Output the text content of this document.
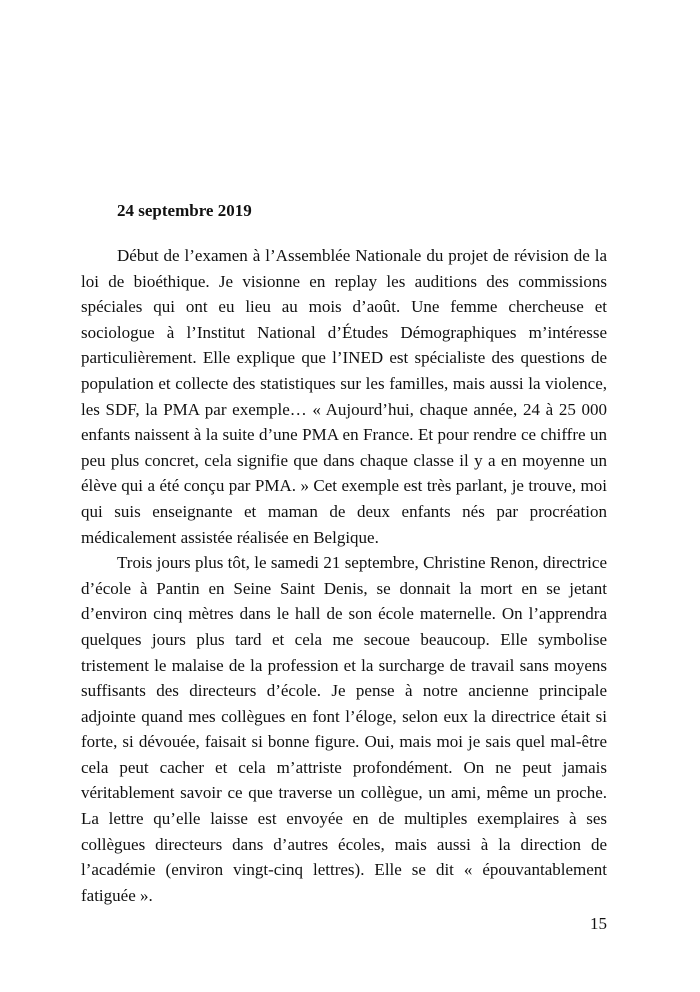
24 septembre 2019

Début de l’examen à l’Assemblée Nationale du projet de révision de la loi de bioéthique. Je visionne en replay les auditions des commissions spéciales qui ont eu lieu au mois d’août. Une femme chercheuse et sociologue à l’Institut National d’Études Démographiques m’intéresse particulièrement. Elle explique que l’INED est spécialiste des questions de population et collecte des statistiques sur les familles, mais aussi la violence, les SDF, la PMA par exemple… « Aujourd’hui, chaque année, 24 à 25 000 enfants naissent à la suite d’une PMA en France. Et pour rendre ce chiffre un peu plus concret, cela signifie que dans chaque classe il y a en moyenne un élève qui a été conçu par PMA. » Cet exemple est très parlant, je trouve, moi qui suis enseignante et maman de deux enfants nés par procréation médicalement assistée réalisée en Belgique.

Trois jours plus tôt, le samedi 21 septembre, Christine Renon, directrice d’école à Pantin en Seine Saint Denis, se donnait la mort en se jetant d’environ cinq mètres dans le hall de son école maternelle. On l’apprendra quelques jours plus tard et cela me secoue beaucoup. Elle symbolise tristement le malaise de la profession et la surcharge de travail sans moyens suffisants des directeurs d’école. Je pense à notre ancienne principale adjointe quand mes collègues en font l’éloge, selon eux la directrice était si forte, si dévouée, faisait si bonne figure. Oui, mais moi je sais quel mal-être cela peut cacher et cela m’attriste profondément. On ne peut jamais véritablement savoir ce que traverse un collègue, un ami, même un proche. La lettre qu’elle laisse est envoyée en de multiples exemplaires à ses collègues directeurs dans d’autres écoles, mais aussi à la direction de l’académie (environ vingt-cinq lettres). Elle se dit « épouvantablement fatiguée ».

15
